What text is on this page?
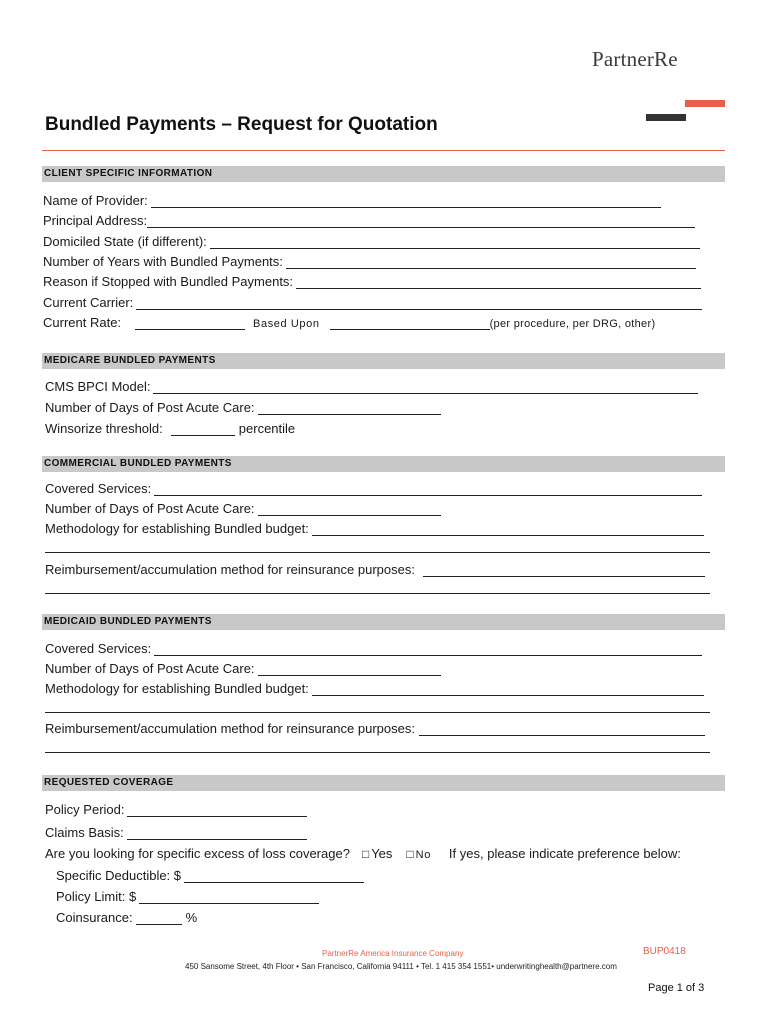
PartnerRe
Bundled Payments – Request for Quotation
CLIENT SPECIFIC INFORMATION
Name of Provider:
Principal Address:
Domiciled State (if different):
Number of Years with Bundled Payments:
Reason if Stopped with Bundled Payments:
Current Carrier:
Current Rate:	Based Upon	(per procedure, per DRG, other)
MEDICARE BUNDLED PAYMENTS
CMS BPCI Model:
Number of Days of Post Acute Care:
Winsorize threshold:	percentile
COMMERCIAL BUNDLED PAYMENTS
Covered Services:
Number of Days of Post Acute Care:
Methodology for establishing Bundled budget:
Reimbursement/accumulation method for reinsurance purposes:
MEDICAID BUNDLED PAYMENTS
Covered Services:
Number of Days of Post Acute Care:
Methodology for establishing Bundled budget:
Reimbursement/accumulation method for reinsurance purposes:
REQUESTED COVERAGE
Policy Period:
Claims Basis:
Are you looking for specific excess of loss coverage? □ Yes □ No If yes, please indicate preference below:
Specific Deductible: $
Policy Limit: $
Coinsurance:	%
PartnerRe America Insurance Company
450 Sansome Street, 4th Floor • San Francisco, California 94111 • Tel. 1 415 354 1551• underwritinghealth@partnere.com
BUP0418
Page 1 of 3
